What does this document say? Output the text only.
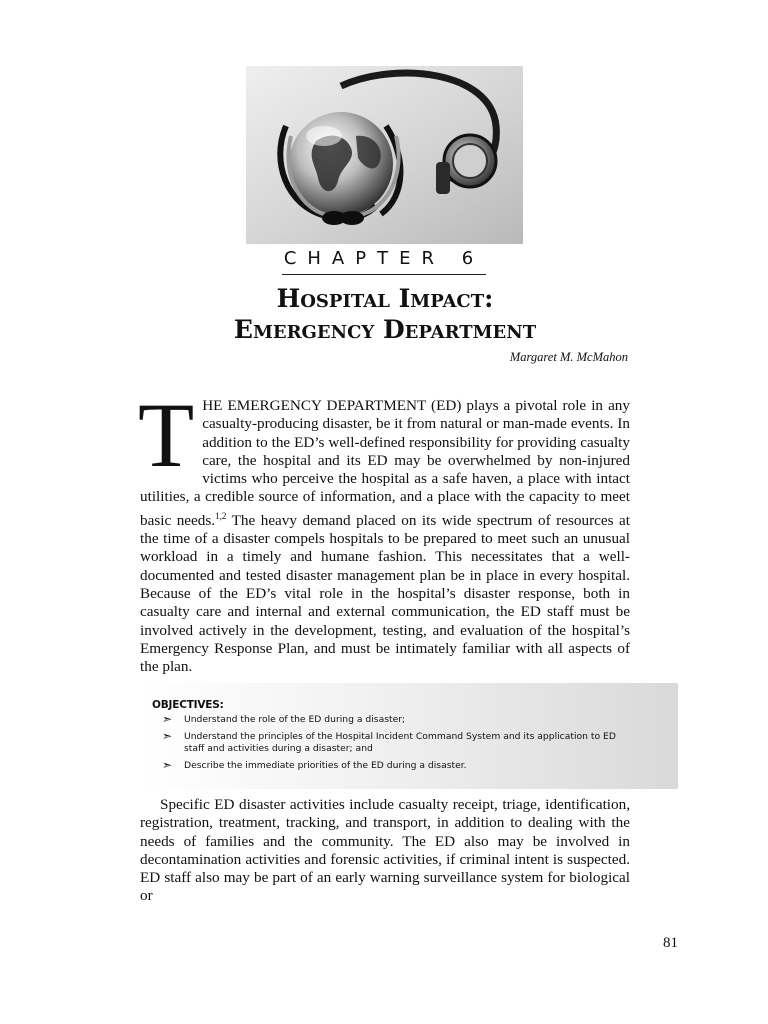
CHAPTER 6
Hospital Impact:
Emergency Department
Margaret M. McMahon
THE EMERGENCY DEPARTMENT (ED) plays a pivotal role in any casualty-producing disaster, be it from natural or man-made events. In addition to the ED’s well-defined responsibility for providing casualty care, the hospital and its ED may be overwhelmed by non-injured victims who perceive the hospital as a safe haven, a place with intact utilities, a credible source of information, and a place with the capacity to meet basic needs.$^{1,2}$ The heavy demand placed on its wide spectrum of resources at the time of a disaster compels hospitals to be prepared to meet such an unusual workload in a timely and humane fashion. This necessitates that a well-documented and tested disaster management plan be in place in every hospital. Because of the ED’s vital role in the hospital’s disaster response, both in casualty care and internal and external communication, the ED staff must be involved actively in the development, testing, and evaluation of the hospital’s Emergency Response Plan, and must be intimately familiar with all aspects of the plan.
OBJECTIVES:
➣ Understand the role of the ED during a disaster;
➣ Understand the principles of the Hospital Incident Command System and its application to ED staff and activities during a disaster; and
➣ Describe the immediate priorities of the ED during a disaster.
Specific ED disaster activities include casualty receipt, triage, identification, registration, treatment, tracking, and transport, in addition to dealing with the needs of families and the community. The ED also may be involved in decontamination activities and forensic activities, if criminal intent is suspected. ED staff also may be part of an early warning surveillance system for biological or
81
